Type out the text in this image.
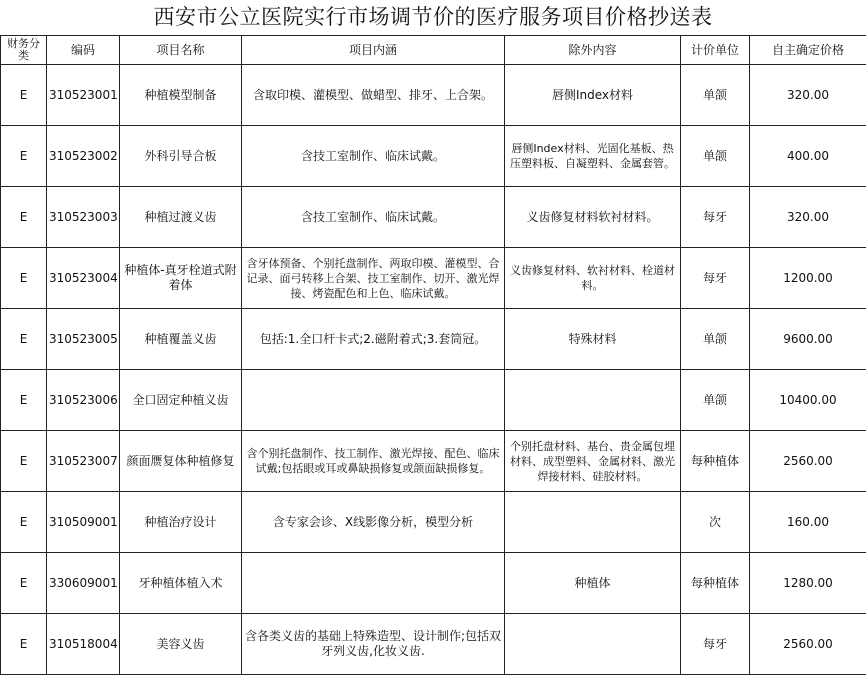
西安市公立医院实行市场调节价的医疗服务项目价格抄送表
财务分类	编码	项目名称	项目内涵	除外内容	计价单位	自主确定价格
E	310523001	种植模型制备	含取印模、灌模型、做蜡型、排牙、上合架。	唇侧Index材料	单颌	320.00
E	310523002	外科引导合板	含技工室制作、临床试戴。	唇侧Index材料、光固化基板、热压塑料板、自凝塑料、金属套管。	单颌	400.00
E	310523003	种植过渡义齿	含技工室制作、临床试戴。	义齿修复材料软衬材料。	每牙	320.00
E	310523004	种植体-真牙栓道式附着体	含牙体预备、个别托盘制作、两取印模、灌模型、合记录、面弓转移上合架、技工室制作、切开、激光焊接、烤瓷配色和上色、临床试戴。	义齿修复材料、软衬材料、栓道材料。	每牙	1200.00
E	310523005	种植覆盖义齿	包括:1.全口杆卡式;2.磁附着式;3.套筒冠。	特殊材料	单颌	9600.00
E	310523006	全口固定种植义齿			单颌	10400.00
E	310523007	颜面赝复体种植修复	含个别托盘制作、技工制作、激光焊接、配色、临床试戴;包括眼或耳或鼻缺损修复或颌面缺损修复。	个别托盘材料、基台、贵金属包埋材料、成型塑料、金属材料、激光焊接材料、硅胶材料。	每种植体	2560.00
E	310509001	种植治疗设计	含专家会诊、X线影像分析，模型分析		次	160.00
E	330609001	牙种植体植入术		种植体	每种植体	1280.00
E	310518004	美容义齿	含各类义齿的基础上特殊造型、设计制作;包括双牙列义齿,化妆义齿.		每牙	2560.00
